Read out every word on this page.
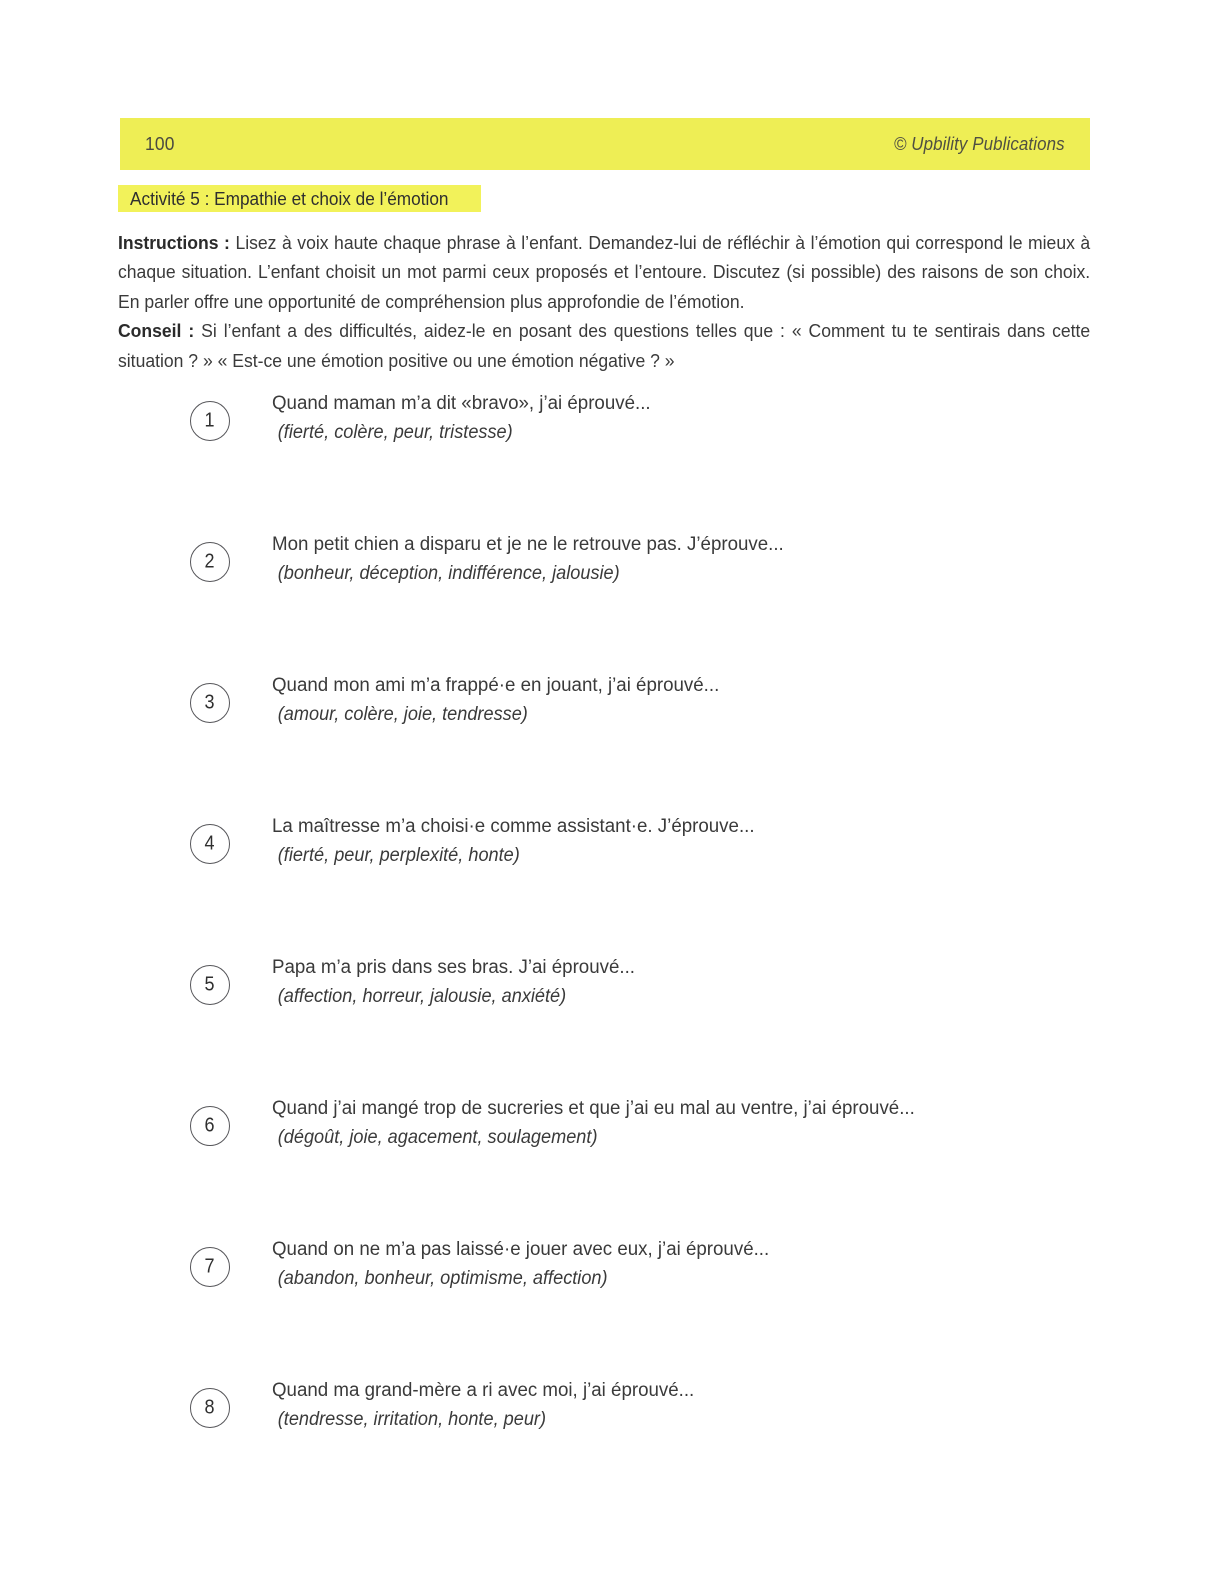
100	© Upbility Publications
Activité 5 : Empathie et choix de l’émotion

Instructions : Lisez à voix haute chaque phrase à l’enfant. Demandez-lui de réfléchir à l’émotion qui correspond le mieux à chaque situation. L’enfant choisit un mot parmi ceux proposés et l’entoure. Discutez (si possible) des raisons de son choix. En parler offre une opportunité de compréhension plus approfondie de l’émotion.

Conseil : Si l’enfant a des difficultés, aidez-le en posant des questions telles que : « Comment tu te sentirais dans cette situation ? » « Est-ce une émotion positive ou une émotion négative ? »

1
Quand maman m’a dit «bravo», j’ai éprouvé...
(fierté, colère, peur, tristesse)
2
Mon petit chien a disparu et je ne le retrouve pas. J’éprouve...
(bonheur, déception, indifférence, jalousie)
3
Quand mon ami m’a frappé·e en jouant, j’ai éprouvé...
(amour, colère, joie, tendresse)
4
La maîtresse m’a choisi·e comme assistant·e. J’éprouve...
(fierté, peur, perplexité, honte)
5
Papa m’a pris dans ses bras. J’ai éprouvé...
(affection, horreur, jalousie, anxiété)
6
Quand j’ai mangé trop de sucreries et que j’ai eu mal au ventre, j’ai éprouvé...
(dégoût, joie, agacement, soulagement)
7
Quand on ne m’a pas laissé·e jouer avec eux, j’ai éprouvé...
(abandon, bonheur, optimisme, affection)
8
Quand ma grand-mère a ri avec moi, j’ai éprouvé...
(tendresse, irritation, honte, peur)
